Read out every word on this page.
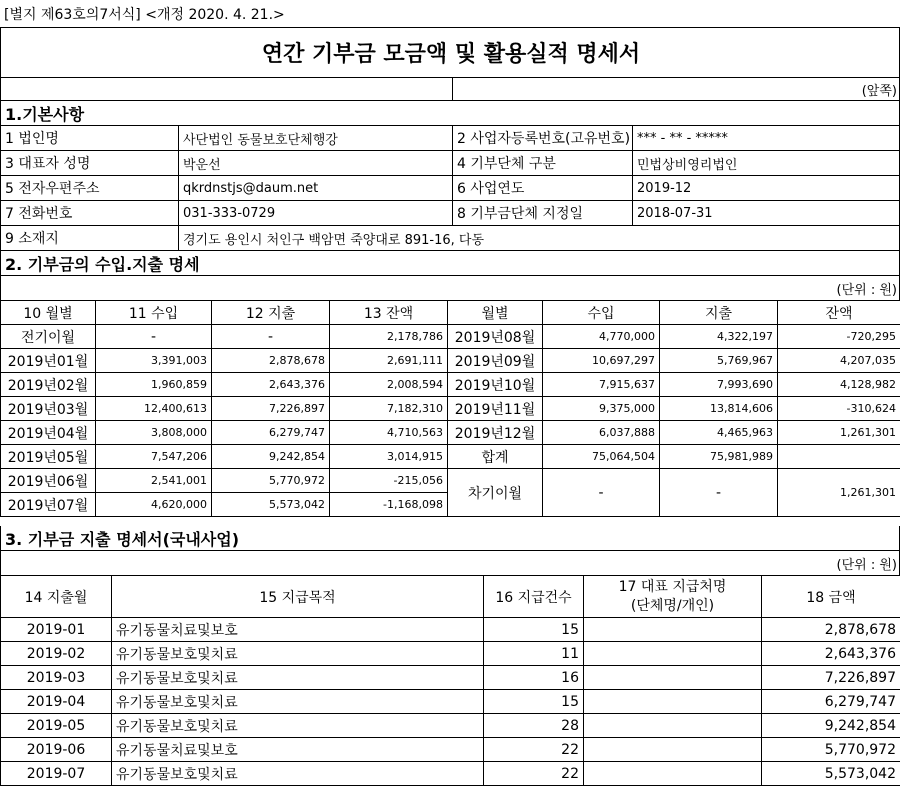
[별지 제63호의7서식] <개정 2020. 4. 21.>
연간 기부금 모금액 및 활용실적 명세서
(앞쪽)
1.기본사항
1 법인명	사단법인 동물보호단체행강	2 사업자등록번호(고유번호) *** - ** - *****
3 대표자 성명	박운선	4 기부단체 구분	민법상비영리법인
5 전자우편주소	qkrdnstjs@daum.net	6 사업연도	2019-12
7 전화번호	031-333-0729	8 기부금단체 지정일	2018-07-31
9 소재지	경기도 용인시 처인구 백암면 죽양대로 891-16, 다동
2. 기부금의 수입.지출 명세
(단위 : 원)
10 월별	11 수입	12 지출	13 잔액	월별	수입	지출	잔액
전기이월	-	-	2,178,786	2019년08월	4,770,000	4,322,197	-720,295
2019년01월	3,391,003	2,878,678	2,691,111	2019년09월	10,697,297	5,769,967	4,207,035
2019년02월	1,960,859	2,643,376	2,008,594	2019년10월	7,915,637	7,993,690	4,128,982
2019년03월	12,400,613	7,226,897	7,182,310	2019년11월	9,375,000	13,814,606	-310,624
2019년04월	3,808,000	6,279,747	4,710,563	2019년12월	6,037,888	4,465,963	1,261,301
2019년05월	7,547,206	9,242,854	3,014,915	합계	75,064,504	75,981,989	
2019년06월	2,541,001	5,770,972	-215,056	차기이월	-	-	1,261,301
2019년07월	4,620,000	5,573,042	-1,168,098				
3. 기부금 지출 명세서(국내사업)
(단위 : 원)
14 지출월	15 지급목적	16 지급건수	17 대표 지급처명
(단체명/개인)	18 금액
2019-01	유기동물치료및보호	15		2,878,678
2019-02	유기동물보호및치료	11		2,643,376
2019-03	유기동물보호및치료	16		7,226,897
2019-04	유기동물보호및치료	15		6,279,747
2019-05	유기동물보호및치료	28		9,242,854
2019-06	유기동물치료및보호	22		5,770,972
2019-07	유기동물보호및치료	22		5,573,042
